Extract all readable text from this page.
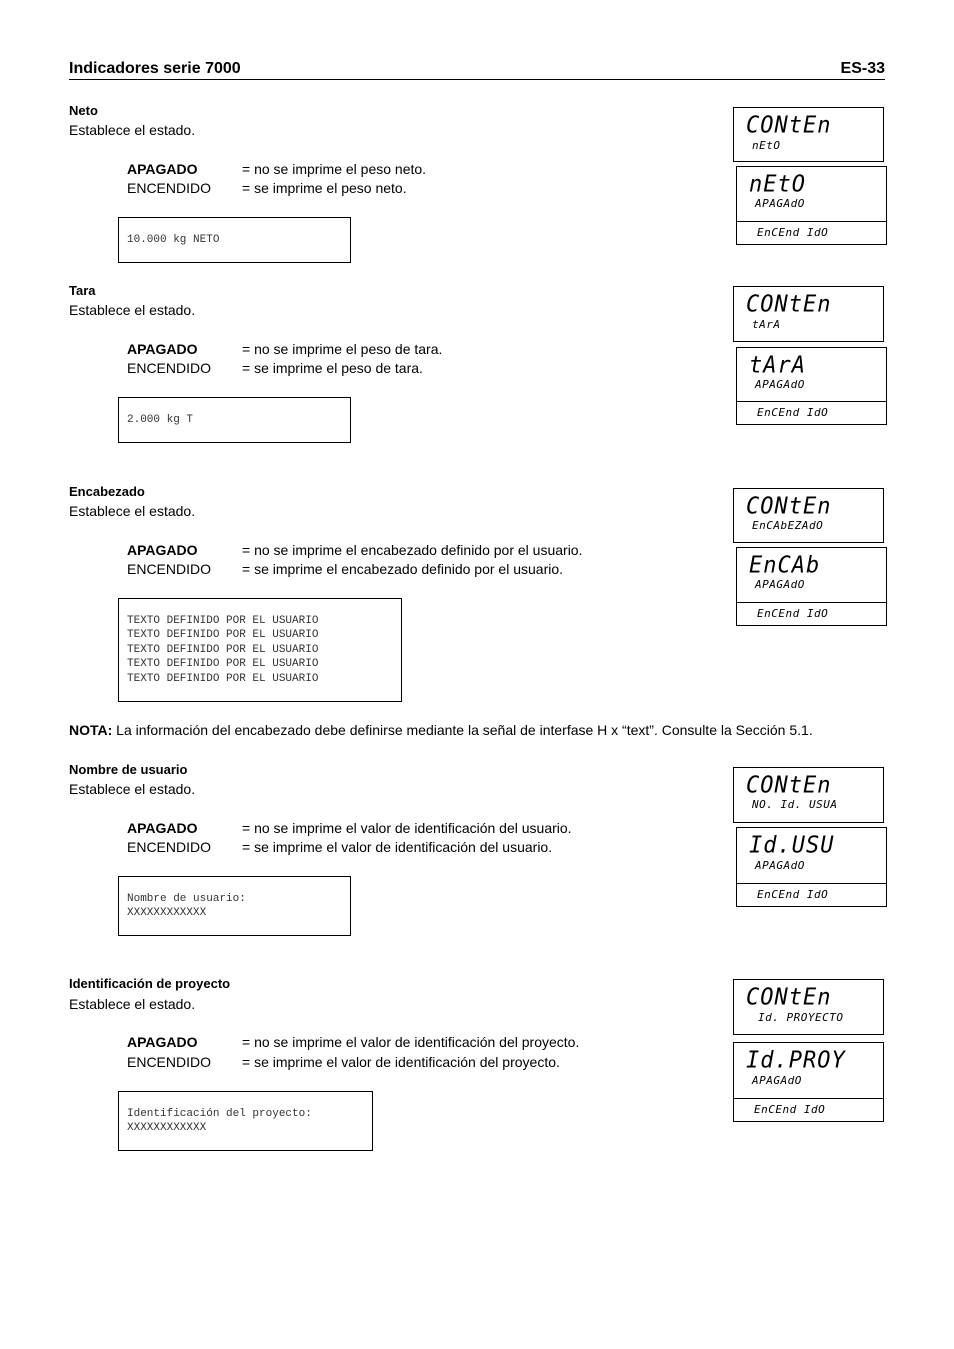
Indicadores serie 7000	ES-33
Neto
Establece el estado.
APAGADO	= no se imprime el peso neto.
ENCENDIDO = se imprime el peso neto.
10.000 kg NETO
CONtEn
nEtO
nEtO
APAGAdO
EnCEnd IdO
Tara
Establece el estado.
APAGADO	= no se imprime el peso de tara.
ENCENDIDO = se imprime el peso de tara.
2.000 kg T
CONtEn
tArA
tArA
APAGAdO
EnCEnd IdO
Encabezado
Establece el estado.
APAGADO	= no se imprime el encabezado definido por el usuario.
ENCENDIDO = se imprime el encabezado definido por el usuario.
TEXTO DEFINIDO POR EL USUARIO
TEXTO DEFINIDO POR EL USUARIO
TEXTO DEFINIDO POR EL USUARIO
TEXTO DEFINIDO POR EL USUARIO
TEXTO DEFINIDO POR EL USUARIO
CONtEn
EnCAbEZAdO
EnCAb
APAGAdO
EnCEnd IdO
NOTA: La información del encabezado debe definirse mediante la señal de interfase H x “text”. Consulte la Sección 5.1.
Nombre de usuario
Establece el estado.
APAGADO	= no se imprime el valor de identificación del usuario.
ENCENDIDO = se imprime el valor de identificación del usuario.
Nombre de usuario:
XXXXXXXXXXXX
CONtEn
NO. Id. USUA
Id.USU
APAGAdO
EnCEnd IdO
Identificación de proyecto
Establece el estado.
APAGADO	= no se imprime el valor de identificación del proyecto.
ENCENDIDO = se imprime el valor de identificación del proyecto.
Identificación del proyecto:
XXXXXXXXXXXX
CONtEn
Id. PROYECTO
Id.PROY
APAGAdO
EnCEnd IdO
